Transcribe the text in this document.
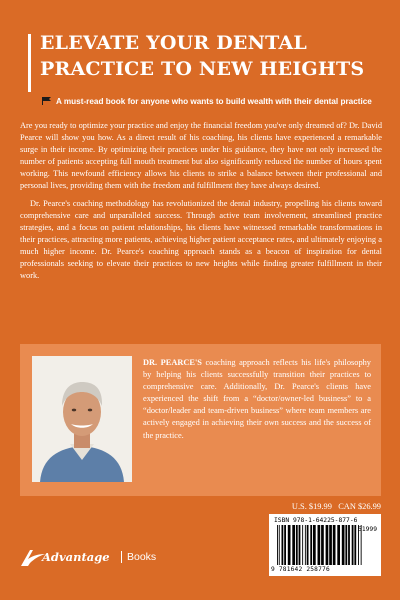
ELEVATE YOUR DENTAL
PRACTICE TO NEW HEIGHTS
A must-read book for anyone who wants to build wealth with their dental practice

Are you ready to optimize your practice and enjoy the financial freedom you've only dreamed of? Dr. David Pearce will show you how. As a direct result of his coaching, his clients have experienced a remarkable surge in their income. By optimizing their practices under his guidance, they have not only increased the number of patients accepting full mouth treatment but also significantly reduced the number of hours spent working. This newfound efficiency allows his clients to strike a balance between their professional and personal lives, providing them with the freedom and fulfillment they have always desired.

Dr. Pearce's coaching methodology has revolutionized the dental industry, propelling his clients toward comprehensive care and unparalleled success. Through active team involvement, streamlined practice strategies, and a focus on patient relationships, his clients have witnessed remarkable transformations in their practices, attracting more patients, achieving higher patient acceptance rates, and ultimately enjoying a much higher income. Dr. Pearce's coaching approach stands as a beacon of inspiration for dental professionals seeking to elevate their practices to new heights while finding greater fulfillment in their work.

DR. PEARCE'S coaching approach reflects his life's philosophy by helping his clients successfully transition their practices to comprehensive care. Additionally, Dr. Pearce's clients have experienced the shift from a “doctor/owner-led business” to a “doctor/leader and team-driven business” where team members are actively engaged in achieving their own success and the success of the practice.
U.S. $19.99   CAN $26.99
ISBN 978-1-64225-877-6
51999
9 781642 258776
Advantage Books
